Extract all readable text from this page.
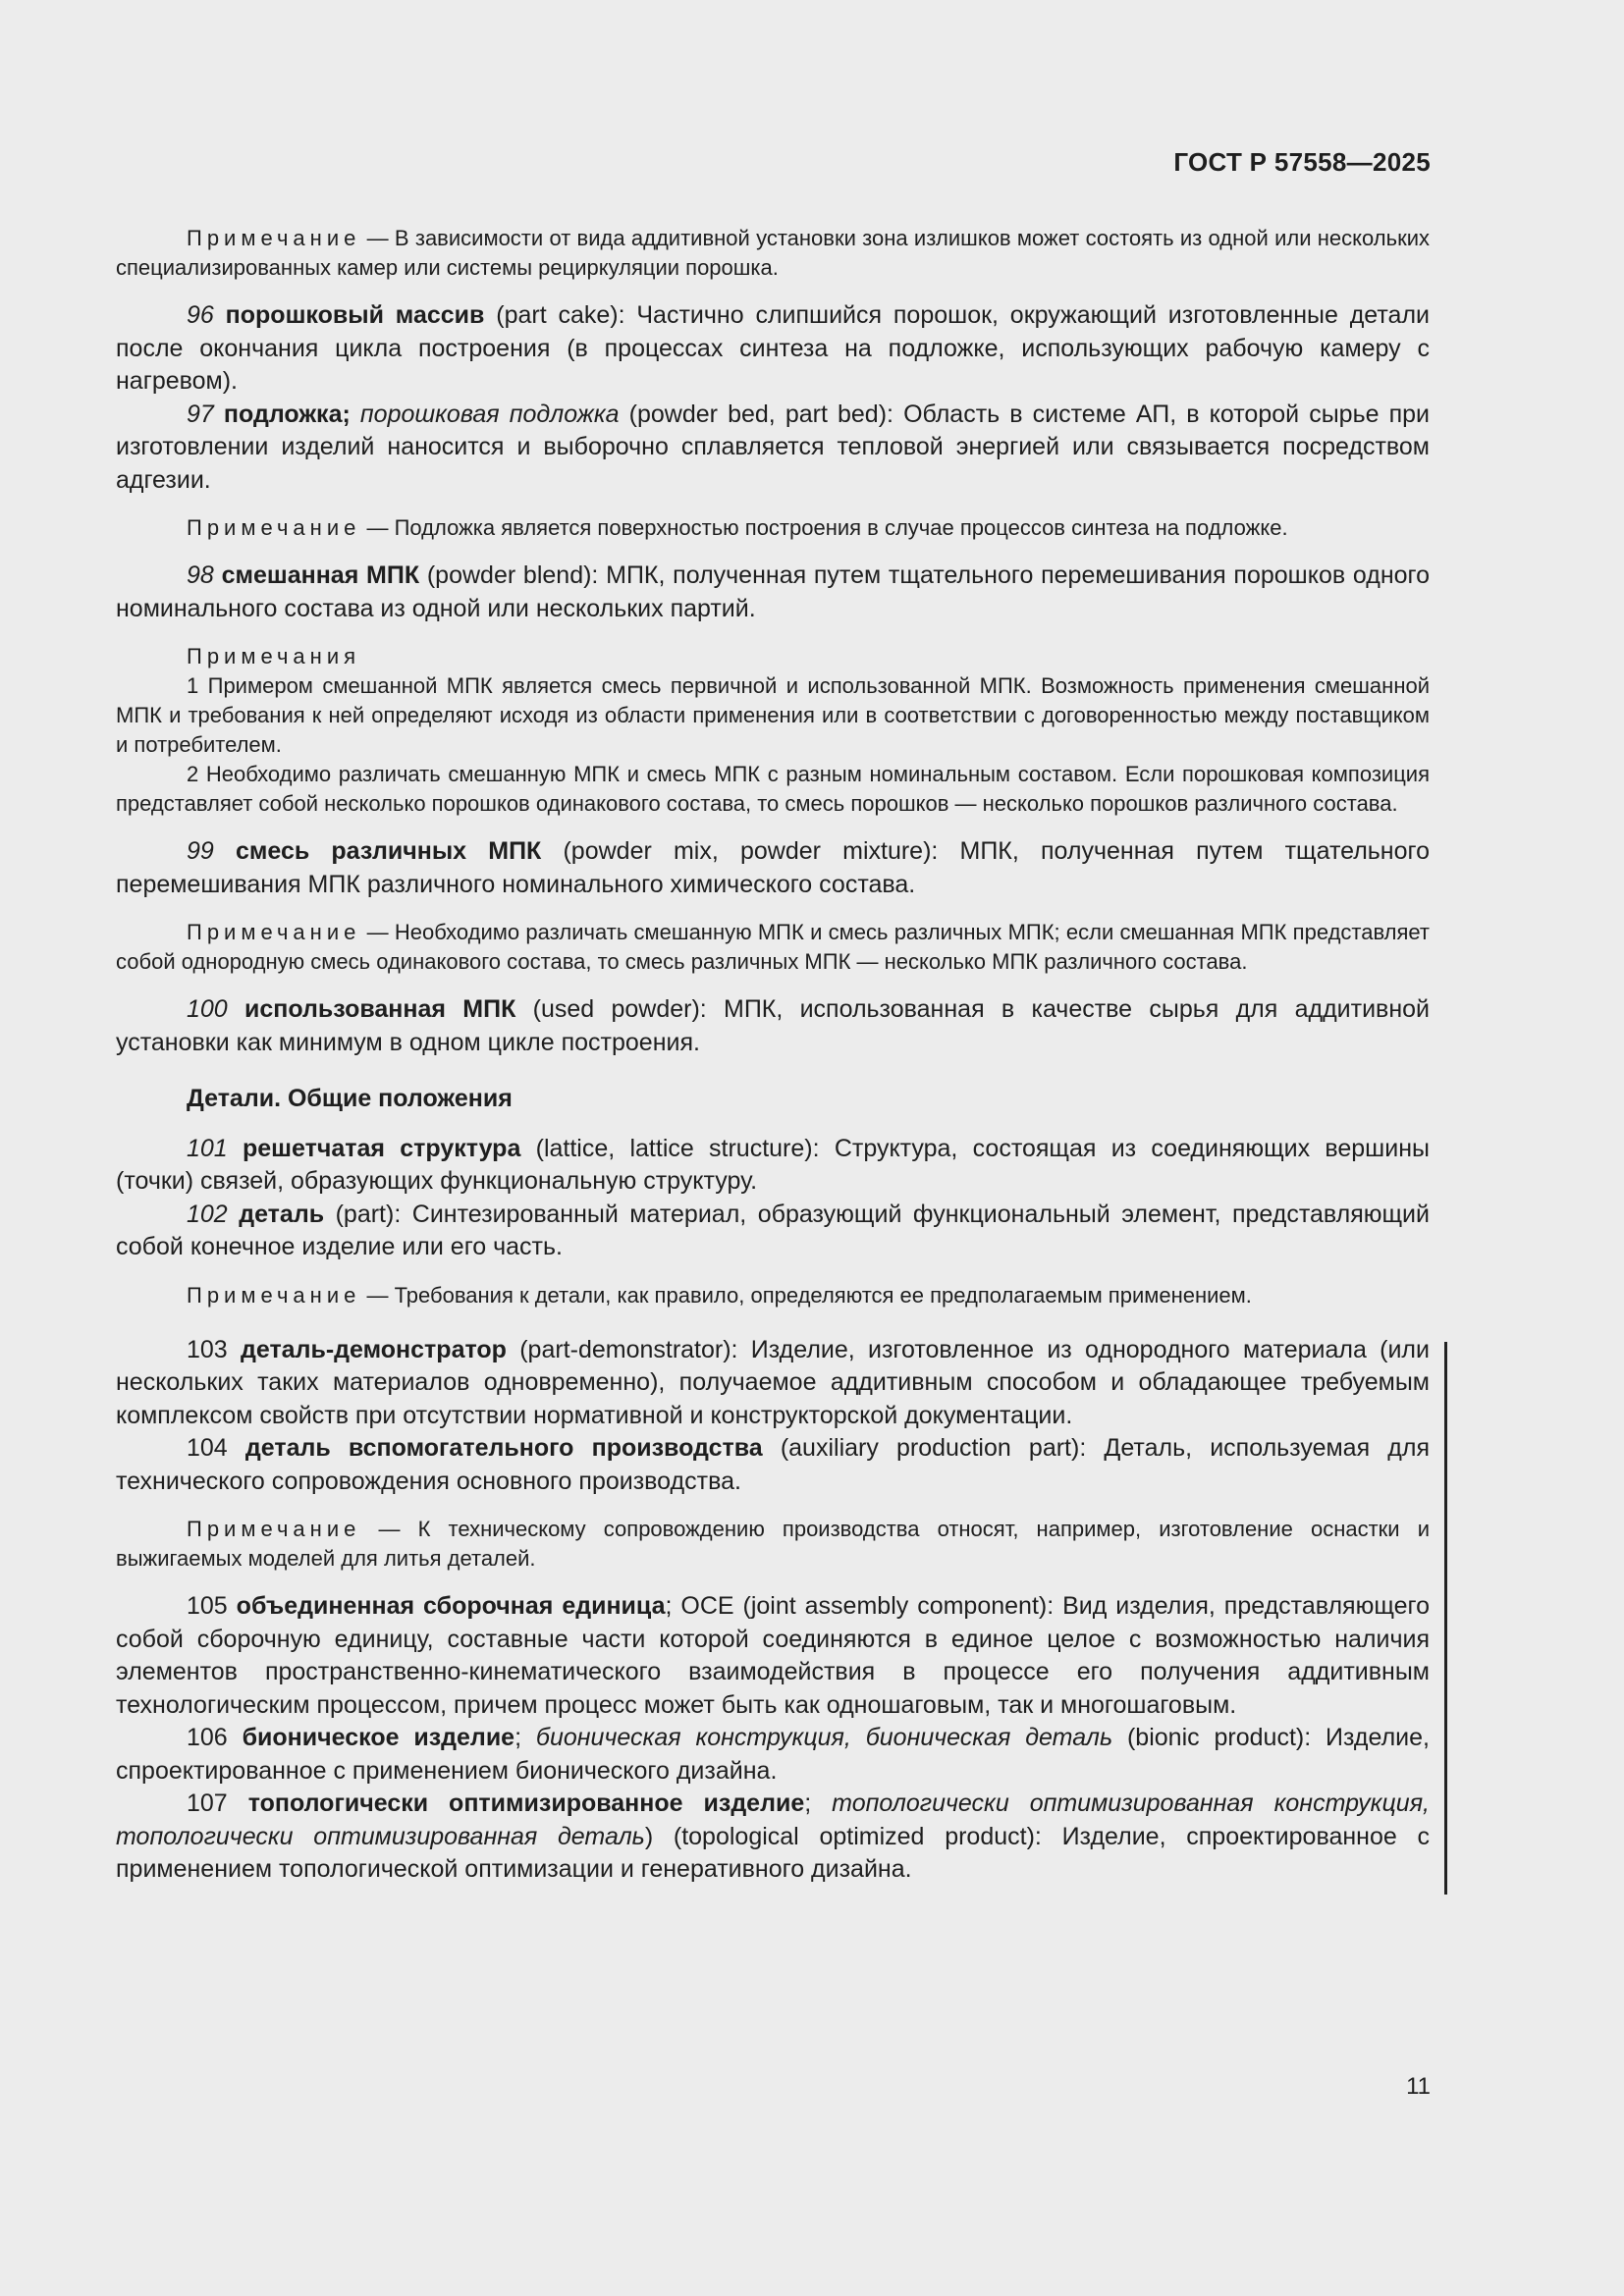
ГОСТ Р 57558—2025

Примечание — В зависимости от вида аддитивной установки зона излишков может состоять из одной или нескольких специализированных камер или системы рециркуляции порошка.

96 порошковый массив (part cake): Частично слипшийся порошок, окружающий изготовленные детали после окончания цикла построения (в процессах синтеза на подложке, использующих рабочую камеру с нагревом).

97 подложка; порошковая подложка (powder bed, part bed): Область в системе АП, в которой сырье при изготовлении изделий наносится и выборочно сплавляется тепловой энергией или связывается посредством адгезии.

Примечание — Подложка является поверхностью построения в случае процессов синтеза на подложке.

98 смешанная МПК (powder blend): МПК, полученная путем тщательного перемешивания порошков одного номинального состава из одной или нескольких партий.

Примечания

1 Примером смешанной МПК является смесь первичной и использованной МПК. Возможность применения смешанной МПК и требования к ней определяют исходя из области применения или в соответствии с договоренностью между поставщиком и потребителем.

2 Необходимо различать смешанную МПК и смесь МПК с разным номинальным составом. Если порошковая композиция представляет собой несколько порошков одинакового состава, то смесь порошков — несколько порошков различного состава.

99 смесь различных МПК (powder mix, powder mixture): МПК, полученная путем тщательного перемешивания МПК различного номинального химического состава.

Примечание — Необходимо различать смешанную МПК и смесь различных МПК; если смешанная МПК представляет собой однородную смесь одинакового состава, то смесь различных МПК — несколько МПК различного состава.

100 использованная МПК (used powder): МПК, использованная в качестве сырья для аддитивной установки как минимум в одном цикле построения.

Детали. Общие положения

101 решетчатая структура (lattice, lattice structure): Структура, состоящая из соединяющих вершины (точки) связей, образующих функциональную структуру.

102 деталь (part): Синтезированный материал, образующий функциональный элемент, представляющий собой конечное изделие или его часть.

Примечание — Требования к детали, как правило, определяются ее предполагаемым применением.

103 деталь-демонстратор (part-demonstrator): Изделие, изготовленное из однородного материала (или нескольких таких материалов одновременно), получаемое аддитивным способом и обладающее требуемым комплексом свойств при отсутствии нормативной и конструкторской документации.

104 деталь вспомогательного производства (auxiliary production part): Деталь, используемая для технического сопровождения основного производства.

Примечание — К техническому сопровождению производства относят, например, изготовление оснастки и выжигаемых моделей для литья деталей.

105 объединенная сборочная единица; ОСЕ (joint assembly component): Вид изделия, представляющего собой сборочную единицу, составные части которой соединяются в единое целое с возможностью наличия элементов пространственно-кинематического взаимодействия в процессе его получения аддитивным технологическим процессом, причем процесс может быть как одношаговым, так и многошаговым.

106 бионическое изделие; бионическая конструкция, бионическая деталь (bionic product): Изделие, спроектированное с применением бионического дизайна.

107 топологически оптимизированное изделие; топологически оптимизированная конструкция, топологически оптимизированная деталь) (topological optimized product): Изделие, спроектированное с применением топологической оптимизации и генеративного дизайна.

11
